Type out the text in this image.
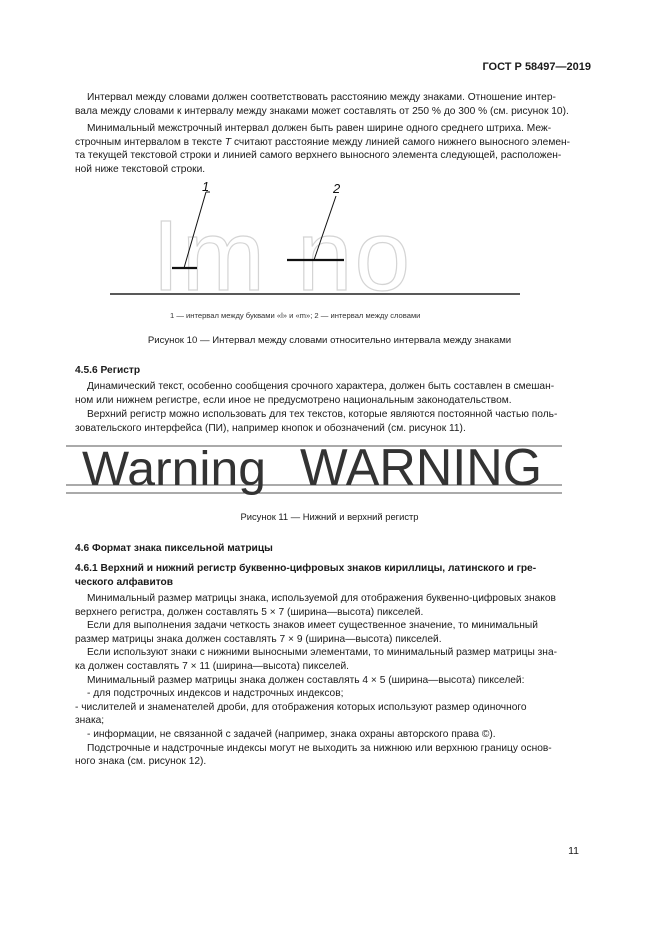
ГОСТ Р 58497—2019
Интервал между словами должен соответствовать расстоянию между знаками. Отношение интер-
вала между словами к интервалу между знаками может составлять от 250 % до 300 % (см. рисунок 10).
Минимальный межстрочный интервал должен быть равен ширине одного среднего штриха. Меж-
строчным интервалом в тексте T считают расстояние между линией самого нижнего выносного элемен-
та текущей текстовой строки и линией самого верхнего выносного элемента следующей, расположен-
ной ниже текстовой строки.
Im no
1	2
1 — интервал между буквами «l» и «m»; 2 — интервал между словами
Рисунок 10 — Интервал между словами относительно интервала между знаками
4.5.6 Регистр
Динамический текст, особенно сообщения срочного характера, должен быть составлен в смешан-
ном или нижнем регистре, если иное не предусмотрено национальным законодательством.
Верхний регистр можно использовать для тех текстов, которые являются постоянной частью поль-
зовательского интерфейса (ПИ), например кнопок и обозначений (см. рисунок 11).
Warning WARNING
Рисунок 11 — Нижний и верхний регистр
4.6 Формат знака пиксельной матрицы
4.6.1 Верхний и нижний регистр буквенно-цифровых знаков кириллицы, латинского и гре-
ческого алфавитов
Минимальный размер матрицы знака, используемой для отображения буквенно-цифровых знаков
верхнего регистра, должен составлять 5 × 7 (ширина—высота) пикселей.
Если для выполнения задачи четкость знаков имеет существенное значение, то минимальный
размер матрицы знака должен составлять 7 × 9 (ширина—высота) пикселей.
Если используют знаки с нижними выносными элементами, то минимальный размер матрицы зна-
ка должен составлять 7 × 11 (ширина—высота) пикселей.
Минимальный размер матрицы знака должен составлять 4 × 5 (ширина—высота) пикселей:
- для подстрочных индексов и надстрочных индексов;
- числителей и знаменателей дроби, для отображения которых используют размер одиночного
знака;
- информации, не связанной с задачей (например, знака охраны авторского права ©).
Подстрочные и надстрочные индексы могут не выходить за нижнюю или верхнюю границу основ-
ного знака (см. рисунок 12).
11
